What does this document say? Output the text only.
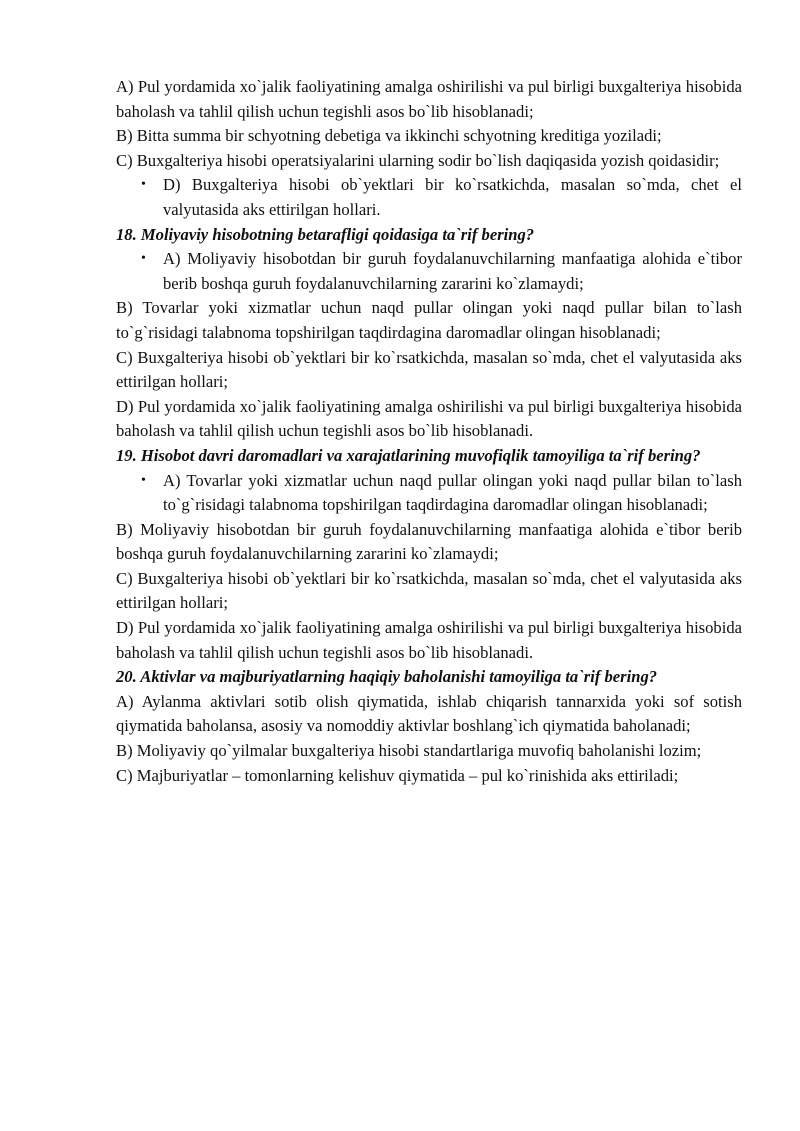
A) Pul yordamida xo`jalik faoliyatining amalga oshirilishi va pul birligi buxgalteriya hisobida baholash va tahlil qilish uchun tegishli asos bo`lib hisoblanadi;

B) Bitta summa bir schyotning debetiga va ikkinchi schyotning kreditiga yoziladi;

C) Buxgalteriya hisobi operatsiyalarini ularning sodir bo`lish daqiqasida yozish qoidasidir;

• D) Buxgalteriya hisobi ob`yektlari bir ko`rsatkichda, masalan so`mda, chet el valyutasida aks ettirilgan hollari.

18. Moliyaviy hisobotning betarafligi qoidasiga ta`rif bering?

• A) Moliyaviy hisobotdan bir guruh foydalanuvchilarning manfaatiga alohida e`tibor berib boshqa guruh foydalanuvchilarning zararini ko`zlamaydi;

B) Tovarlar yoki xizmatlar uchun naqd pullar olingan yoki naqd pullar bilan to`lash to`g`risidagi talabnoma topshirilgan taqdirdagina daromadlar olingan hisoblanadi;

C) Buxgalteriya hisobi ob`yektlari bir ko`rsatkichda, masalan so`mda, chet el valyutasida aks ettirilgan hollari;

D) Pul yordamida xo`jalik faoliyatining amalga oshirilishi va pul birligi buxgalteriya hisobida baholash va tahlil qilish uchun tegishli asos bo`lib hisoblanadi.

19. Hisobot davri daromadlari va xarajatlarining muvofiqlik tamoyiliga ta`rif bering?

• A) Tovarlar yoki xizmatlar uchun naqd pullar olingan yoki naqd pullar bilan to`lash to`g`risidagi talabnoma topshirilgan taqdirdagina daromadlar olingan hisoblanadi;

B) Moliyaviy hisobotdan bir guruh foydalanuvchilarning manfaatiga alohida e`tibor berib boshqa guruh foydalanuvchilarning zararini ko`zlamaydi;

C) Buxgalteriya hisobi ob`yektlari bir ko`rsatkichda, masalan so`mda, chet el valyutasida aks ettirilgan hollari;

D) Pul yordamida xo`jalik faoliyatining amalga oshirilishi va pul birligi buxgalteriya hisobida baholash va tahlil qilish uchun tegishli asos bo`lib hisoblanadi.

20. Aktivlar va majburiyatlarning haqiqiy baholanishi tamoyiliga ta`rif bering?

A) Aylanma aktivlari sotib olish qiymatida, ishlab chiqarish tannarxida yoki sof sotish qiymatida baholansa, asosiy va nomoddiy aktivlar boshlang`ich qiymatida baholanadi;

B) Moliyaviy qo`yilmalar buxgalteriya hisobi standartlariga muvofiq baholanishi lozim;

C) Majburiyatlar – tomonlarning kelishuv qiymatida – pul ko`rinishida aks ettiriladi;
